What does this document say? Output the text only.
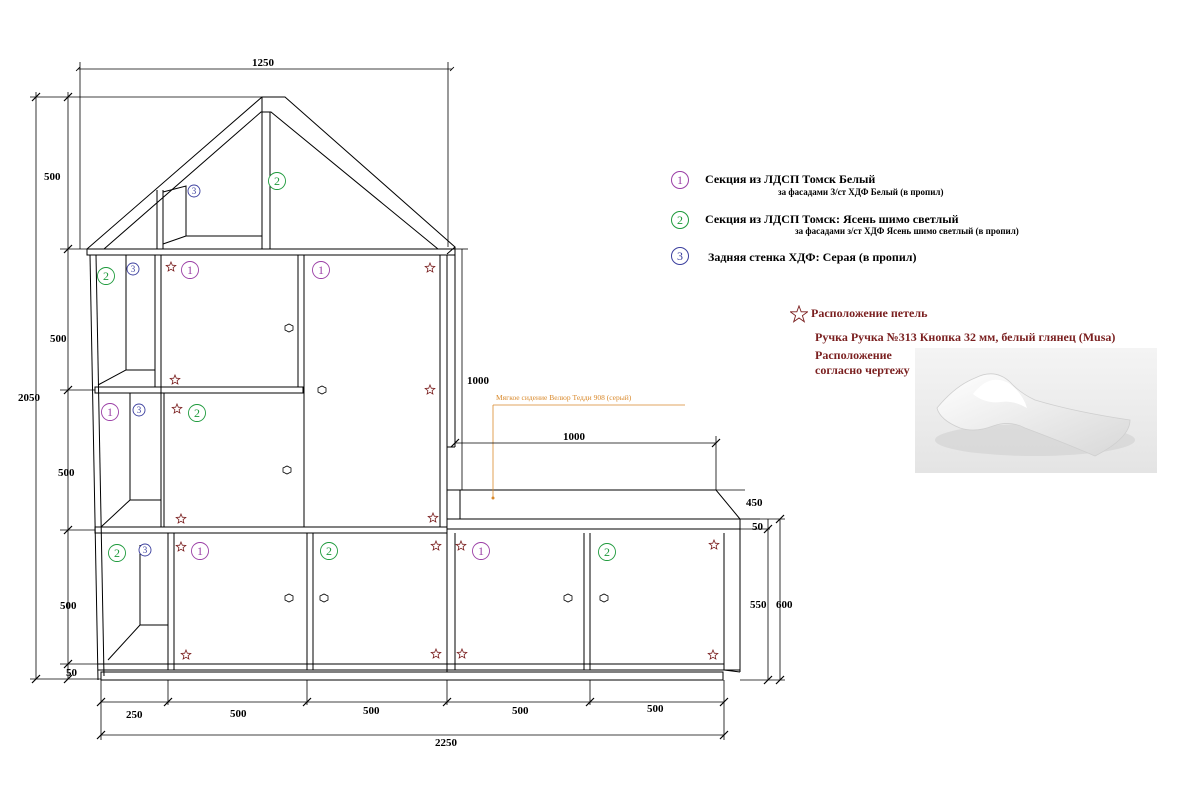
2 3	1	1
2
3
1	3	2
2	3	1	2	1	2
Мягкое сидение Велюр Тедди 908 (серый)
1250
500
500
500
500
50
2050
1000
1000
450
50
550 600
250	500	500	500	500
2250
1	Секция из ЛДСП Томск Белый
за фасадами З/ст ХДФ Белый (в пропил)
2	Секция из ЛДСП Томск: Ясень шимо светлый
за фасадами з/ст ХДФ Ясень шимо светлый (в пропил)
3	Задняя стенка ХДФ: Серая (в пропил)
Расположение петель
Ручка Ручка №313 Кнопка 32 мм, белый глянец (Musa)
Расположение согласно чертежу
